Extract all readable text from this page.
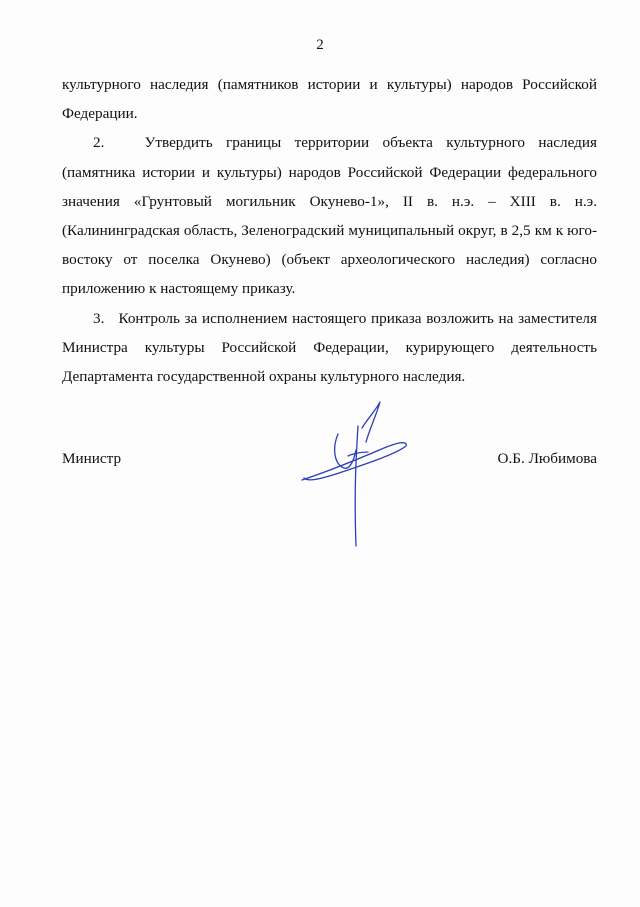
2

культурного наследия (памятников истории и культуры) народов Российской Федерации.

2.   Утвердить границы территории объекта культурного наследия (памятника истории и культуры) народов Российской Федерации федерального значения «Грунтовый могильник Окунево-1», II в. н.э. – XIII в. н.э. (Калининградская область, Зеленоградский муниципальный округ, в 2,5 км к юго-востоку от поселка Окунево) (объект археологического наследия) согласно приложению к настоящему приказу.

3.   Контроль за исполнением настоящего приказа возложить на заместителя Министра культуры Российской Федерации, курирующего деятельность Департамента государственной охраны культурного наследия.

Министр	О.Б. Любимова
